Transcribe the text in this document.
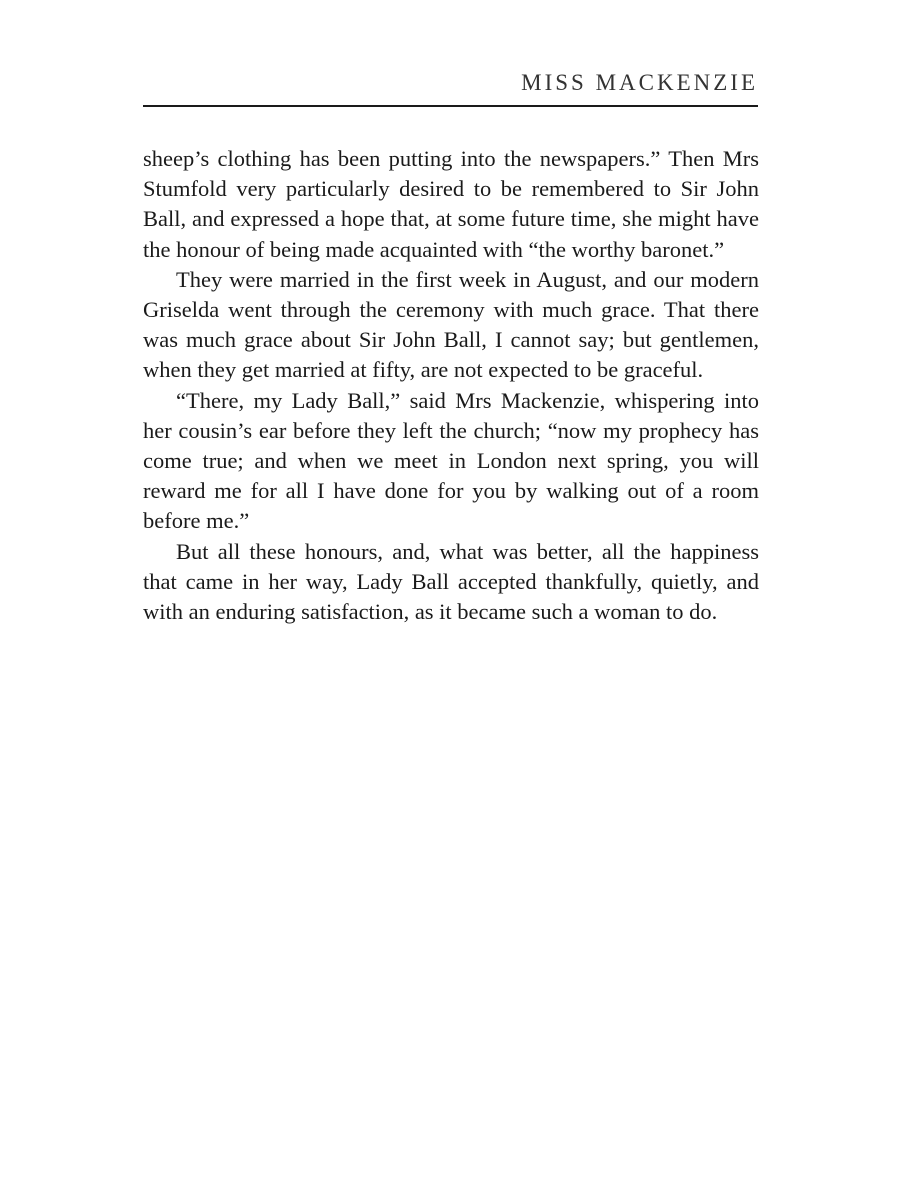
MISS MACKENZIE

sheep’s clothing has been putting into the newspapers.” Then Mrs Stumfold very particularly desired to be remembered to Sir John Ball, and expressed a hope that, at some future time, she might have the honour of being made acquainted with “the worthy baronet.”

They were married in the first week in August, and our modern Griselda went through the ceremony with much grace. That there was much grace about Sir John Ball, I cannot say; but gentlemen, when they get married at fifty, are not expected to be graceful.

“There, my Lady Ball,” said Mrs Mackenzie, whispering into her cousin’s ear before they left the church; “now my prophecy has come true; and when we meet in London next spring, you will reward me for all I have done for you by walking out of a room before me.”

But all these honours, and, what was better, all the happiness that came in her way, Lady Ball accepted thankfully, quietly, and with an enduring satisfaction, as it became such a woman to do.
